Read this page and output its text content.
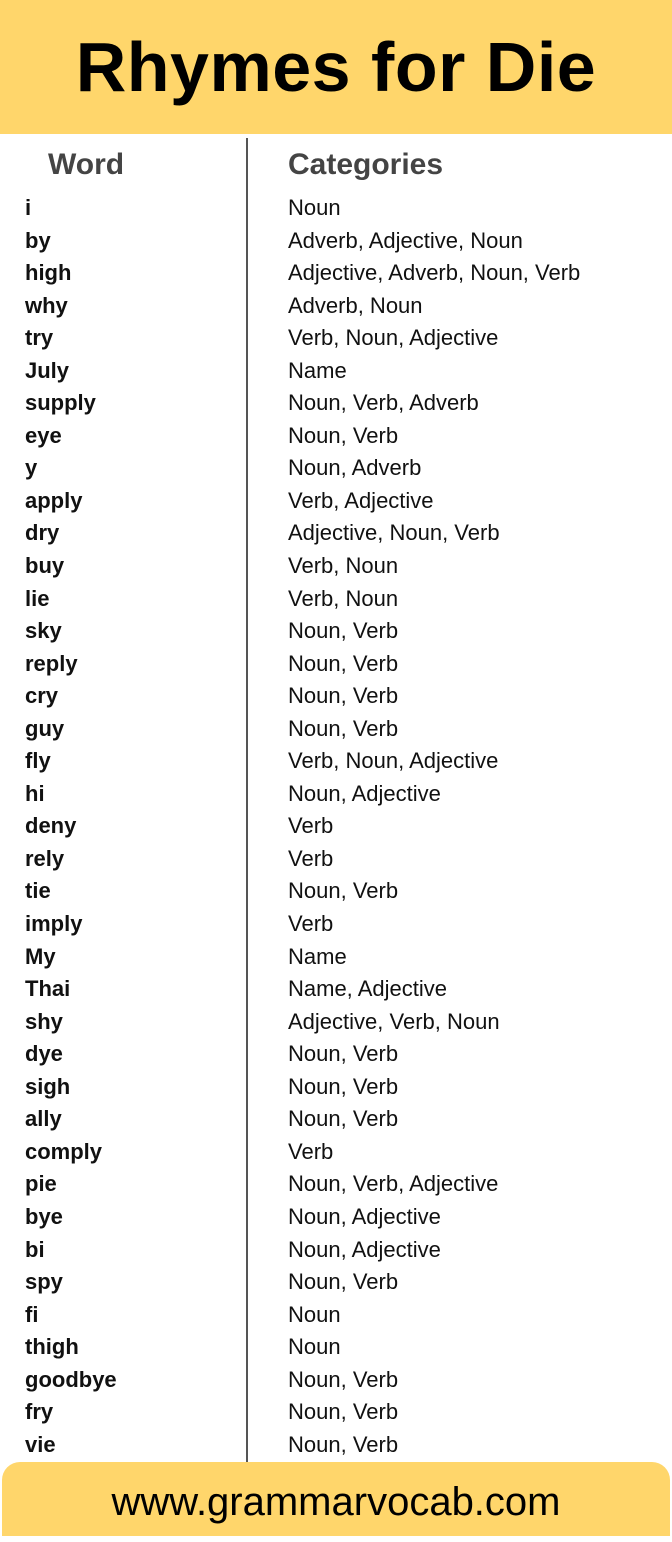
Rhymes for Die
Word	Categories
i	Noun
by	Adverb, Adjective, Noun
high	Adjective, Adverb, Noun, Verb
why	Adverb, Noun
try	Verb, Noun, Adjective
July	Name
supply	Noun, Verb, Adverb
eye	Noun, Verb
y	Noun, Adverb
apply	Verb, Adjective
dry	Adjective, Noun, Verb
buy	Verb, Noun
lie	Verb, Noun
sky	Noun, Verb
reply	Noun, Verb
cry	Noun, Verb
guy	Noun, Verb
fly	Verb, Noun, Adjective
hi	Noun, Adjective
deny	Verb
rely	Verb
tie	Noun, Verb
imply	Verb
My	Name
Thai	Name, Adjective
shy	Adjective, Verb, Noun
dye	Noun, Verb
sigh	Noun, Verb
ally	Noun, Verb
comply	Verb
pie	Noun, Verb, Adjective
bye	Noun, Adjective
bi	Noun, Adjective
spy	Noun, Verb
fi	Noun
thigh	Noun
goodbye	Noun, Verb
fry	Noun, Verb
vie	Noun, Verb
www.grammarvocab.com
